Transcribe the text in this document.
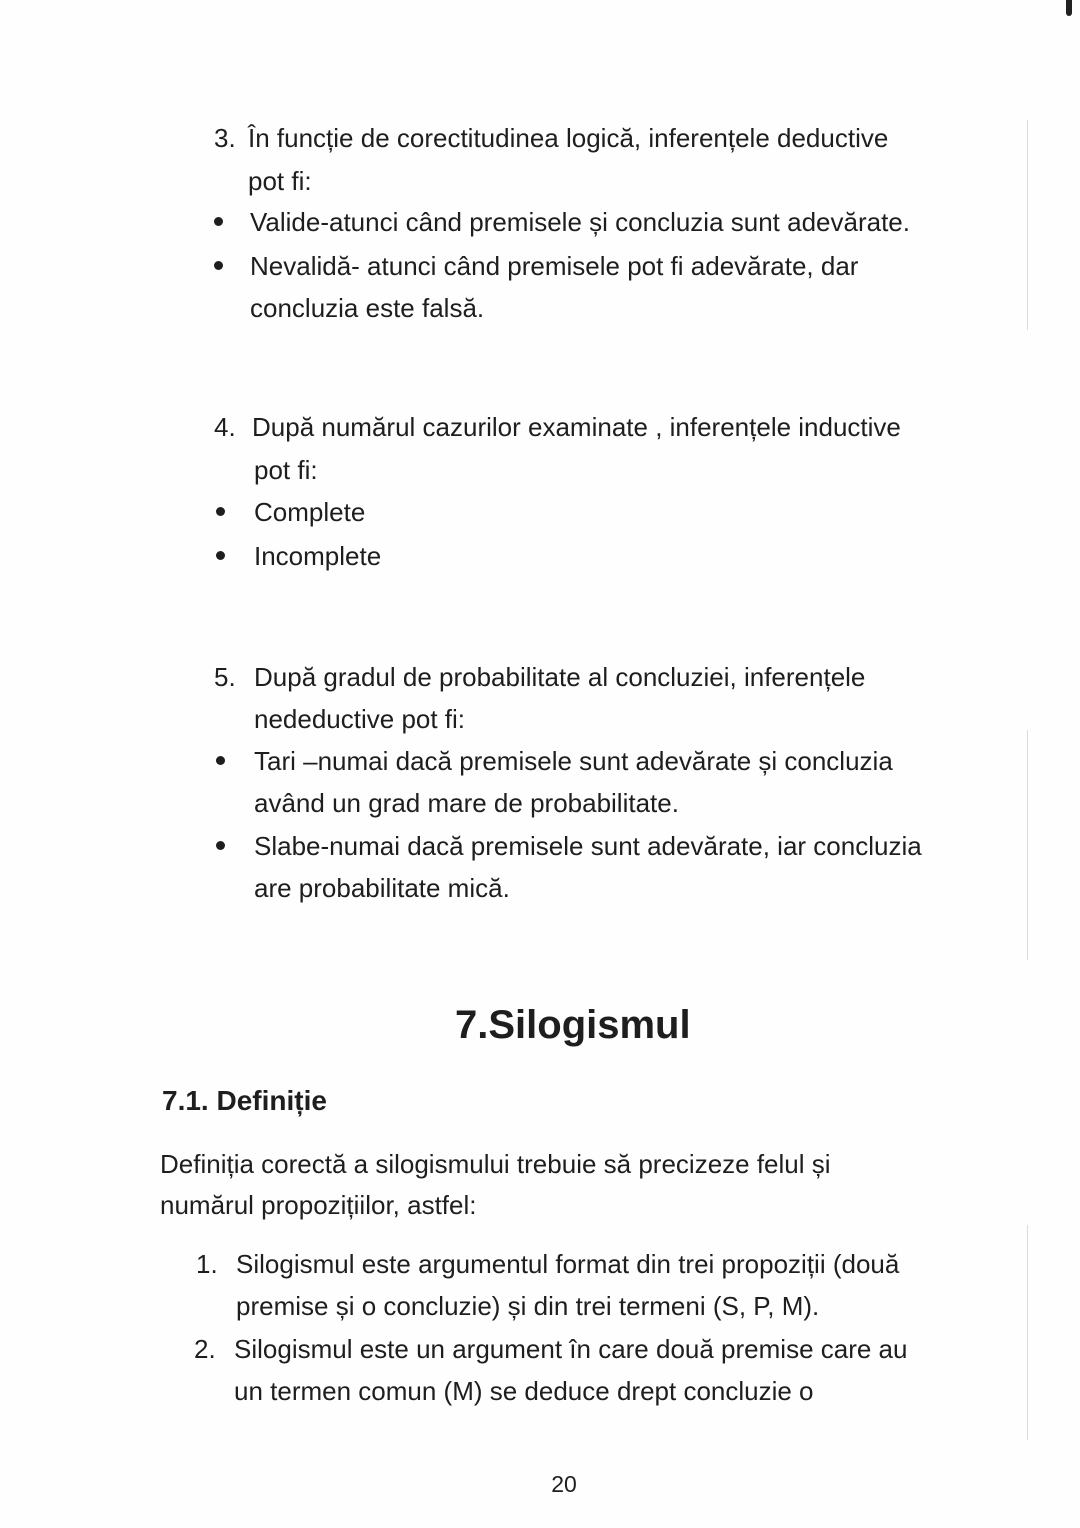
3. În funcție de corectitudinea logică, inferențele deductive
pot fi:
Valide-atunci când premisele și concluzia sunt adevărate.
Nevalidă- atunci când premisele pot fi adevărate, dar
concluzia este falsă.
4. După numărul cazurilor examinate , inferențele inductive
pot fi:
Complete
Incomplete
5. După gradul de probabilitate al concluziei, inferențele
nedeductive pot fi:
Tari –numai dacă premisele sunt adevărate și concluzia
având un grad mare de probabilitate.
Slabe-numai dacă premisele sunt adevărate, iar concluzia
are probabilitate mică.
7.Silogismul
7.1. Definiție
Definiția corectă a silogismului trebuie să precizeze felul și
numărul propozițiilor, astfel:
1. Silogismul este argumentul format din trei propoziții (două
premise și o concluzie) și din trei termeni (S, P, M).
2. Silogismul este un argument în care două premise care au
un termen comun (M) se deduce drept concluzie o
20
